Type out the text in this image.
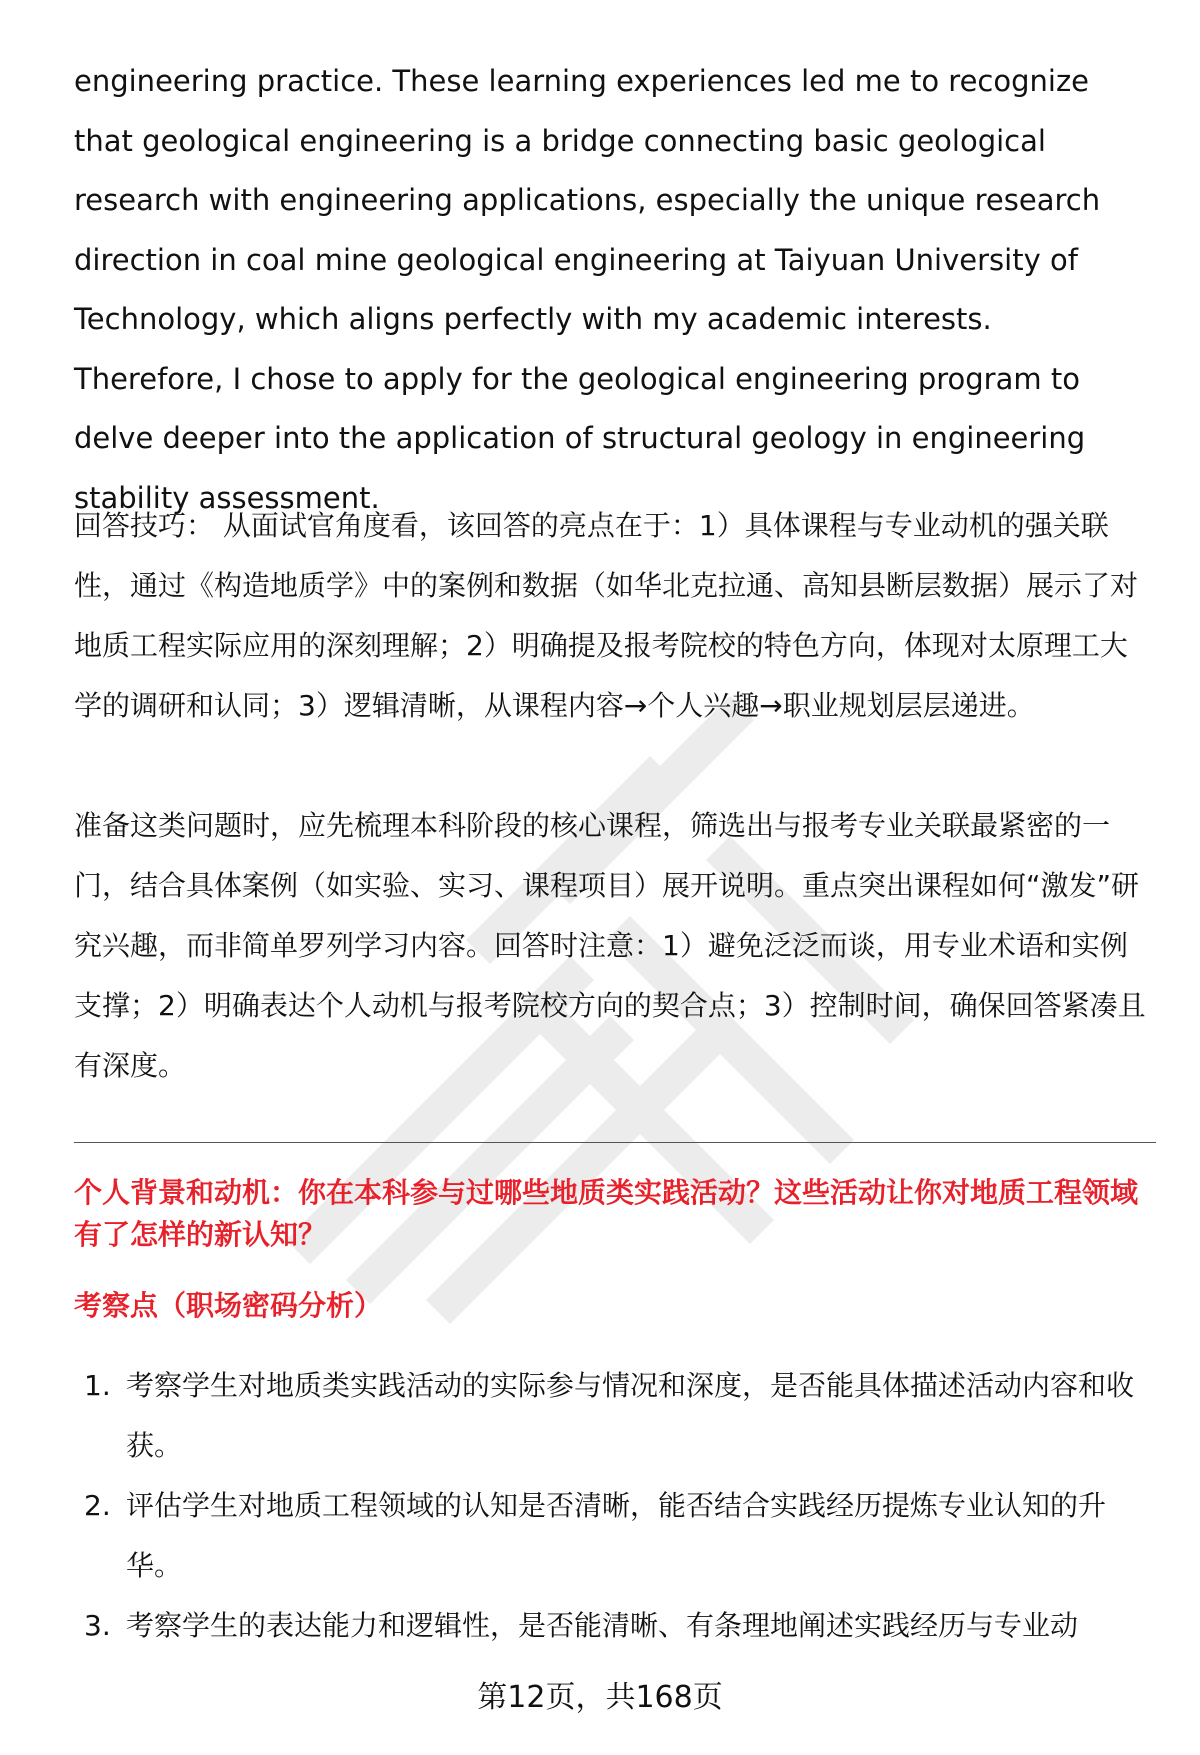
engineering practice. These learning experiences led me to recognize that geological engineering is a bridge connecting basic geological research with engineering applications, especially the unique research direction in coal mine geological engineering at Taiyuan University of Technology, which aligns perfectly with my academic interests. Therefore, I chose to apply for the geological engineering program to delve deeper into the application of structural geology in engineering stability assessment.

回答技巧： 从面试官角度看，该回答的亮点在于：1）具体课程与专业动机的强关联性，通过《构造地质学》中的案例和数据（如华北克拉通、高知县断层数据）展示了对地质工程实际应用的深刻理解；2）明确提及报考院校的特色方向，体现对太原理工大学的调研和认同；3）逻辑清晰，从课程内容→个人兴趣→职业规划层层递进。

准备这类问题时，应先梳理本科阶段的核心课程，筛选出与报考专业关联最紧密的一门，结合具体案例（如实验、实习、课程项目）展开说明。重点突出课程如何“激发”研究兴趣，而非简单罗列学习内容。回答时注意：1）避免泛泛而谈，用专业术语和实例支撑；2）明确表达个人动机与报考院校方向的契合点；3）控制时间，确保回答紧凑且有深度。

个人背景和动机：你在本科参与过哪些地质类实践活动？这些活动让你对地质工程领域有了怎样的新认知？

考察点（职场密码分析）

1. 考察学生对地质类实践活动的实际参与情况和深度，是否能具体描述活动内容和收获。
2. 评估学生对地质工程领域的认知是否清晰，能否结合实践经历提炼专业认知的升华。
3. 考察学生的表达能力和逻辑性，是否能清晰、有条理地阐述实践经历与专业动
第12页，共168页
